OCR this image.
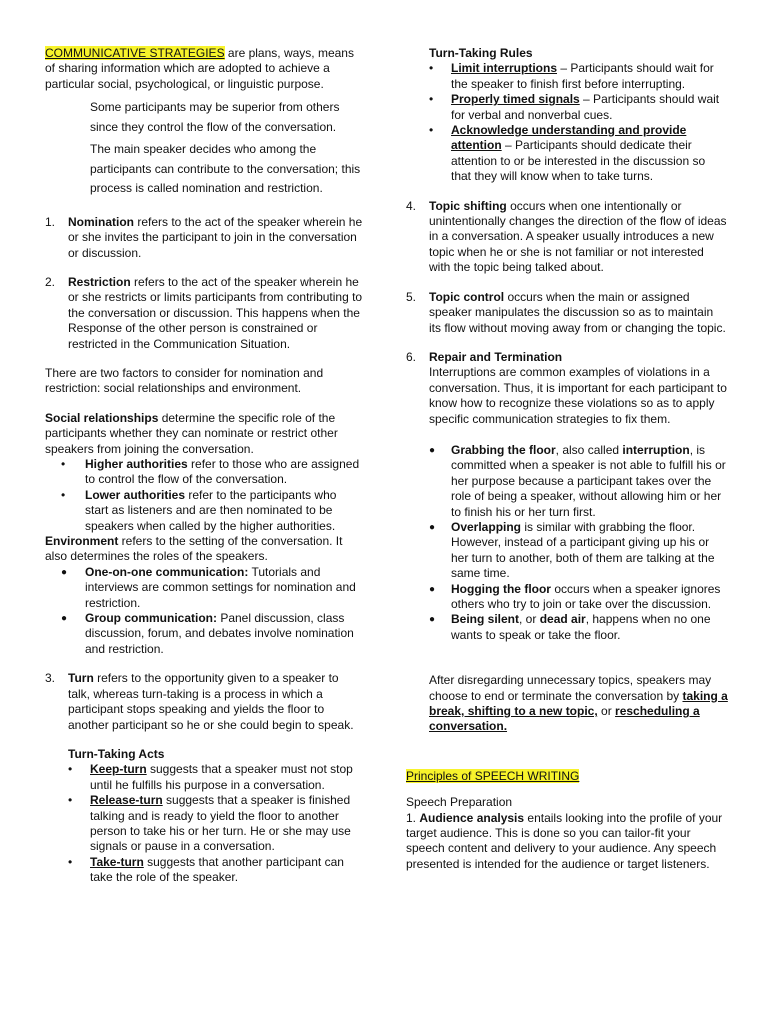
COMMUNICATIVE STRATEGIES are plans, ways, means of sharing information which are adopted to achieve a particular social, psychological, or linguistic purpose.

Some participants may be superior from others since they control the flow of the conversation.
The main speaker decides who among the participants can contribute to the conversation; this process is called nomination and restriction.
1.	Nomination refers to the act of the speaker wherein he or she invites the participant to join in the conversation or discussion.
2.	Restriction refers to the act of the speaker wherein he or she restricts or limits participants from contributing to the conversation or discussion. This happens when the Response of the other person is constrained or restricted in the Communication Situation.

There are two factors to consider for nomination and restriction: social relationships and environment.

Social relationships determine the specific role of the participants whether they can nominate or restrict other speakers from joining the conversation.

•	Higher authorities refer to those who are assigned to control the flow of the conversation.
•	Lower authorities refer to the participants who start as listeners and are then nominated to be speakers when called by the higher authorities.

Environment refers to the setting of the conversation. It also determines the roles of the speakers.

●	One-on-one communication: Tutorials and interviews are common settings for nomination and restriction.
●	Group communication: Panel discussion, class discussion, forum, and debates involve nomination and restriction.
3.	Turn refers to the opportunity given to a speaker to talk, whereas turn-taking is a process in which a participant stops speaking and yields the floor to another participant so he or she could begin to speak.

Turn-Taking Acts

•	Keep-turn suggests that a speaker must not stop until he fulfills his purpose in a conversation.
•	Release-turn suggests that a speaker is finished talking and is ready to yield the floor to another person to take his or her turn. He or she may use signals or pause in a conversation.
•	Take-turn suggests that another participant can take the role of the speaker.

Turn-Taking Rules

•	Limit interruptions – Participants should wait for the speaker to finish first before interrupting.
•	Properly timed signals – Participants should wait for verbal and nonverbal cues.
•	Acknowledge understanding and provide attention – Participants should dedicate their attention to or be interested in the discussion so that they will know when to take turns.
4.	Topic shifting occurs when one intentionally or unintentionally changes the direction of the flow of ideas in a conversation. A speaker usually introduces a new topic when he or she is not familiar or not interested with the topic being talked about.
5.	Topic control occurs when the main or assigned speaker manipulates the discussion so as to maintain its flow without moving away from or changing the topic.
6.	Repair and Termination
Interruptions are common examples of violations in a conversation. Thus, it is important for each participant to know how to recognize these violations so as to apply specific communication strategies to fix them.
●	Grabbing the floor, also called interruption, is committed when a speaker is not able to fulfill his or her purpose because a participant takes over the role of being a speaker, without allowing him or her to finish his or her turn first.
●	Overlapping is similar with grabbing the floor. However, instead of a participant giving up his or her turn to another, both of them are talking at the same time.
●	Hogging the floor occurs when a speaker ignores others who try to join or take over the discussion.
●	Being silent, or dead air, happens when no one wants to speak or take the floor.

After disregarding unnecessary topics, speakers may choose to end or terminate the conversation by taking a break, shifting to a new topic, or rescheduling a conversation.

Principles of SPEECH WRITING

Speech Preparation

1. Audience analysis entails looking into the profile of your target audience. This is done so you can tailor-fit your speech content and delivery to your audience. Any speech presented is intended for the audience or target listeners.
